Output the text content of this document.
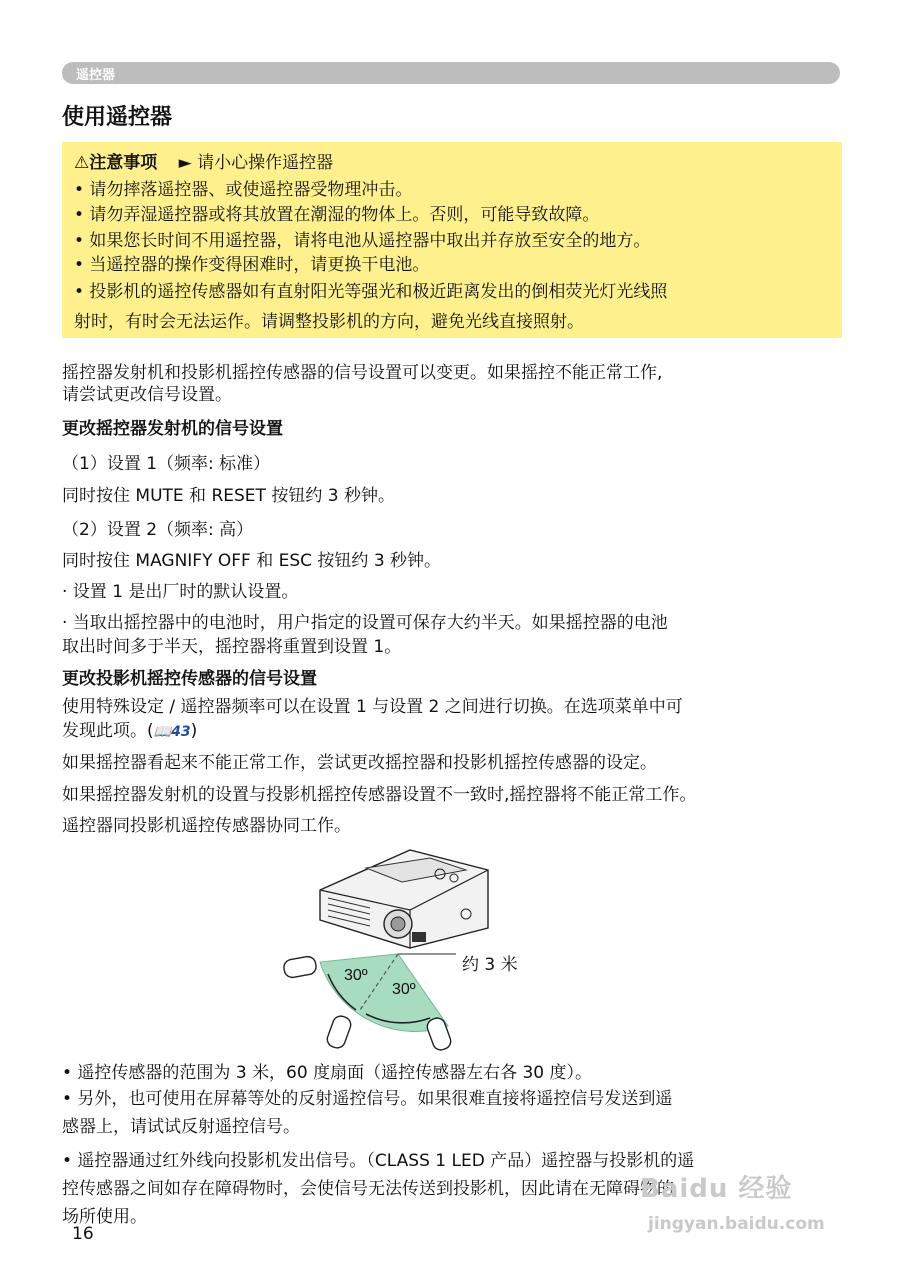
遥控器
使用遥控器
⚠注意事项 ► 请小心操作遥控器
• 请勿摔落遥控器、或使遥控器受物理冲击。
• 请勿弄湿遥控器或将其放置在潮湿的物体上。否则，可能导致故障。
• 如果您长时间不用遥控器，请将电池从遥控器中取出并存放至安全的地方。
• 当遥控器的操作变得困难时，请更换干电池。
• 投影机的遥控传感器如有直射阳光等强光和极近距离发出的倒相荧光灯光线照
射时，有时会无法运作。请调整投影机的方向，避免光线直接照射。
摇控器发射机和投影机摇控传感器的信号设置可以变更。如果摇控不能正常工作,
请尝试更改信号设置。
更改摇控器发射机的信号设置
（1）设置 1（频率: 标准）
同时按住 MUTE 和 RESET 按钮约 3 秒钟。
（2）设置 2（频率: 高）
同时按住 MAGNIFY OFF 和 ESC 按钮约 3 秒钟。
· 设置 1 是出厂时的默认设置。
· 当取出摇控器中的电池时，用户指定的设置可保存大约半天。如果摇控器的电池
取出时间多于半天，摇控器将重置到设置 1。
更改投影机摇控传感器的信号设置
使用特殊设定 / 遥控器频率可以在设置 1 与设置 2 之间进行切换。在选项菜单中可
发现此项。(📖43)
如果摇控器看起来不能正常工作，尝试更改摇控器和投影机摇控传感器的设定。
如果摇控器发射机的设置与投影机摇控传感器设置不一致时,摇控器将不能正常工作。
遥控器同投影机遥控传感器协同工作。
30º
30º
约 3 米
• 遥控传感器的范围为 3 米，60 度扇面（遥控传感器左右各 30 度）。
• 另外，也可使用在屏幕等处的反射遥控信号。如果很难直接将遥控信号发送到遥
感器上，请试试反射遥控信号。
• 遥控器通过红外线向投影机发出信号。（CLASS 1 LED 产品）遥控器与投影机的遥
控传感器之间如存在障碍物时，会使信号无法传送到投影机，因此请在无障碍物的
场所使用。
16
Baidu 经验
jingyan.baidu.com
